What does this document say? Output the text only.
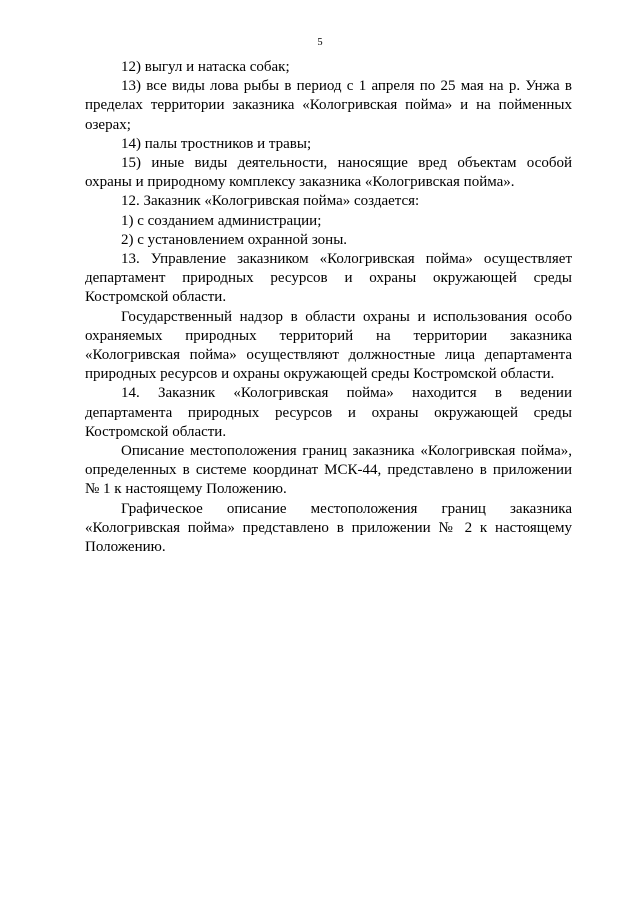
5

12) выгул и натаска собак;

13) все виды лова рыбы в период с 1 апреля по 25 мая на р. Унжа в пределах территории заказника «Кологривская пойма» и на пойменных озерах;

14) палы тростников и травы;

15) иные виды деятельности, наносящие вред объектам особой охраны и природному комплексу заказника «Кологривская пойма».

12. Заказник «Кологривская пойма» создается:

1) с созданием администрации;

2) с установлением охранной зоны.

13. Управление заказником «Кологривская пойма» осуществляет департамент природных ресурсов и охраны окружающей среды Костромской области.

Государственный надзор в области охраны и использования особо охраняемых природных территорий на территории заказника «Кологривская пойма» осуществляют должностные лица департамента природных ресурсов и охраны окружающей среды Костромской области.

14. Заказник «Кологривская пойма» находится в ведении департамента природных ресурсов и охраны окружающей среды Костромской области.

Описание местоположения границ заказника «Кологривская пойма», определенных в системе координат МСК-44, представлено в приложении № 1 к настоящему Положению.

Графическое описание местоположения границ заказника «Кологривская пойма» представлено в приложении № 2 к настоящему Положению.
